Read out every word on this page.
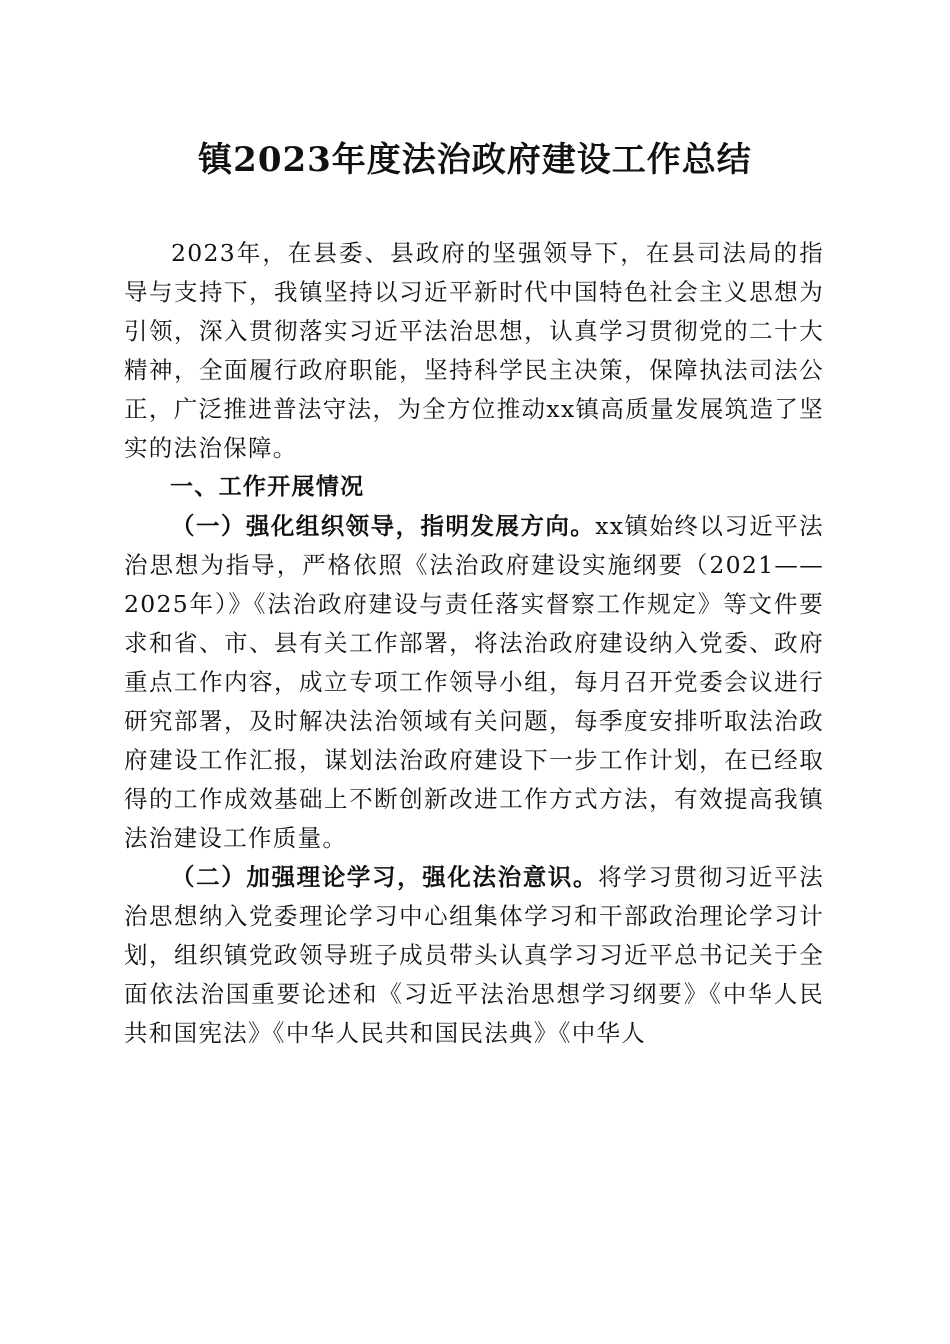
镇2023年度法治政府建设工作总结

2023年，在县委、县政府的坚强领导下，在县司法局的指导与支持下，我镇坚持以习近平新时代中国特色社会主义思想为引领，深入贯彻落实习近平法治思想，认真学习贯彻党的二十大精神，全面履行政府职能，坚持科学民主决策，保障执法司法公正，广泛推进普法守法，为全方位推动xx镇高质量发展筑造了坚实的法治保障。

一、工作开展情况

（一）强化组织领导，指明发展方向。xx镇始终以习近平法治思想为指导，严格依照《法治政府建设实施纲要（2021——2025年）》《法治政府建设与责任落实督察工作规定》等文件要求和省、市、县有关工作部署，将法治政府建设纳入党委、政府重点工作内容，成立专项工作领导小组，每月召开党委会议进行研究部署，及时解决法治领域有关问题，每季度安排听取法治政府建设工作汇报，谋划法治政府建设下一步工作计划，在已经取得的工作成效基础上不断创新改进工作方式方法，有效提高我镇法治建设工作质量。

（二）加强理论学习，强化法治意识。将学习贯彻习近平法治思想纳入党委理论学习中心组集体学习和干部政治理论学习计划，组织镇党政领导班子成员带头认真学习习近平总书记关于全面依法治国重要论述和《习近平法治思想学习纲要》《中华人民共和国宪法》《中华人民共和国民法典》《中华人
